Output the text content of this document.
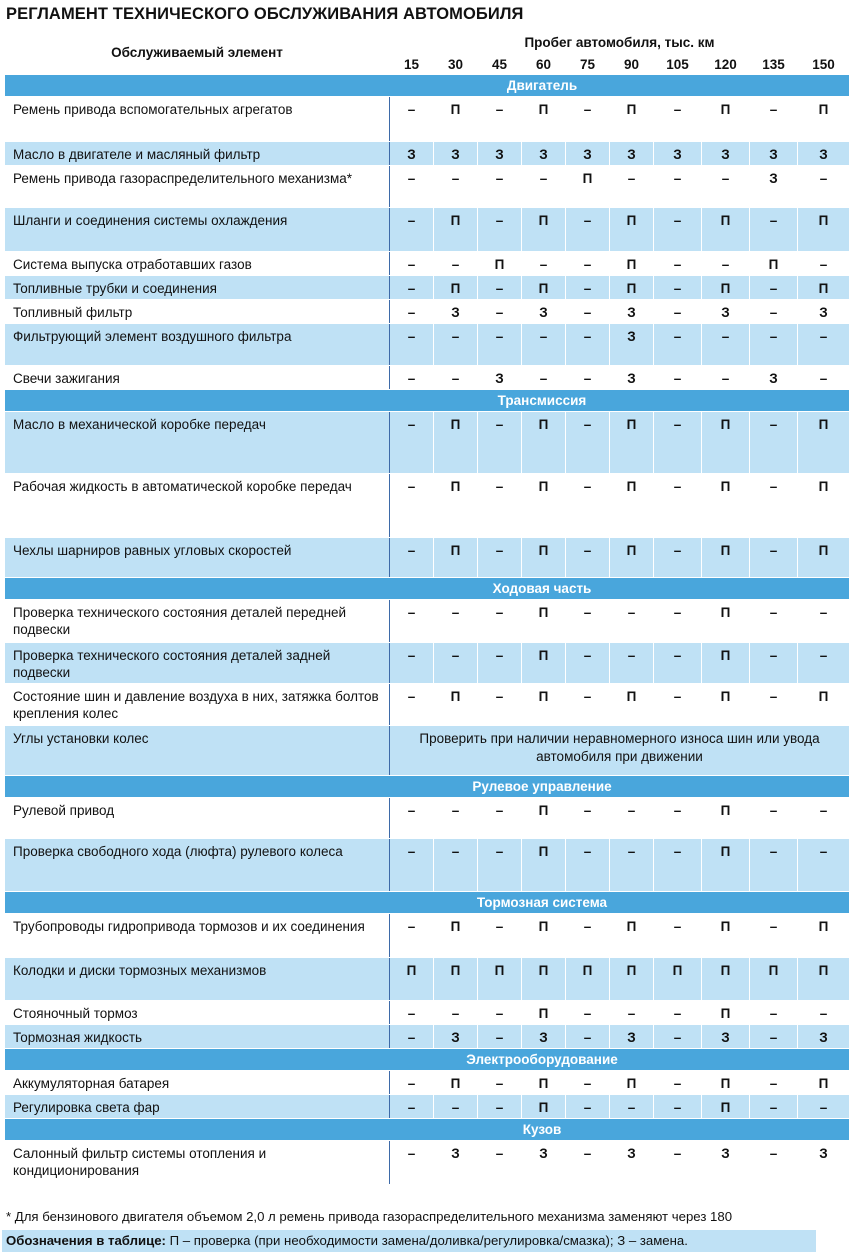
РЕГЛАМЕНТ ТЕХНИЧЕСКОГО ОБСЛУЖИВАНИЯ АВТОМОБИЛЯ
Обслуживаемый элемент	Пробег автомобиля, тыс. км									
	15	30	45	60	75	90	105	120	135	150
Двигатель										
Ремень привода вспомогательных агрегатов	–	П	–	П	–	П	–	П	–	П
Масло в двигателе и масляный фильтр	З	З	З	З	З	З	З	З	З	З
Ремень привода газораспределительного механизма*	–	–	–	–	П	–	–	–	З	–
Шланги и соединения системы охлаждения	–	П	–	П	–	П	–	П	–	П
Система выпуска отработавших газов	–	–	П	–	–	П	–	–	П	–
Топливные трубки и соединения	–	П	–	П	–	П	–	П	–	П
Топливный фильтр	–	З	–	З	–	З	–	З	–	З
Фильтрующий элемент воздушного фильтра	–	–	–	–	–	З	–	–	–	–
Свечи зажигания	–	–	З	–	–	З	–	–	З	–
Трансмиссия										
Масло в механической коробке передач	–	П	–	П	–	П	–	П	–	П
Рабочая жидкость в автоматической коробке передач	–	П	–	П	–	П	–	П	–	П
Чехлы шарниров равных угловых скоростей	–	П	–	П	–	П	–	П	–	П
Ходовая часть										
Проверка технического состояния деталей передней подвески	–	–	–	П	–	–	–	П	–	–
Проверка технического состояния деталей задней подвески	–	–	–	П	–	–	–	П	–	–
Состояние шин и давление воздуха в них, затяжка болтов крепления колес	–	П	–	П	–	П	–	П	–	П
Углы установки колес	Проверить при наличии неравномерного износа шин или увода автомобиля при движении									
Рулевое управление										
Рулевой привод	–	–	–	П	–	–	–	П	–	–
Проверка свободного хода (люфта) рулевого колеса	–	–	–	П	–	–	–	П	–	–
Тормозная система										
Трубопроводы гидропривода тормозов и их соединения	–	П	–	П	–	П	–	П	–	П
Колодки и диски тормозных механизмов	П	П	П	П	П	П	П	П	П	П
Стояночный тормоз	–	–	–	П	–	–	–	П	–	–
Тормозная жидкость	–	З	–	З	–	З	–	З	–	З
Электрооборудование										
Аккумуляторная батарея	–	П	–	П	–	П	–	П	–	П
Регулировка света фар	–	–	–	П	–	–	–	П	–	–
Кузов										
Салонный фильтр системы отопления и кондиционирования	–	З	–	З	–	З	–	З	–	З
* Для бензинового двигателя объемом 2,0 л ремень привода газораспределительного механизма заменяют через 180
Обозначения в таблице: П – проверка (при необходимости замена/доливка/регулировка/смазка); З – замена.
